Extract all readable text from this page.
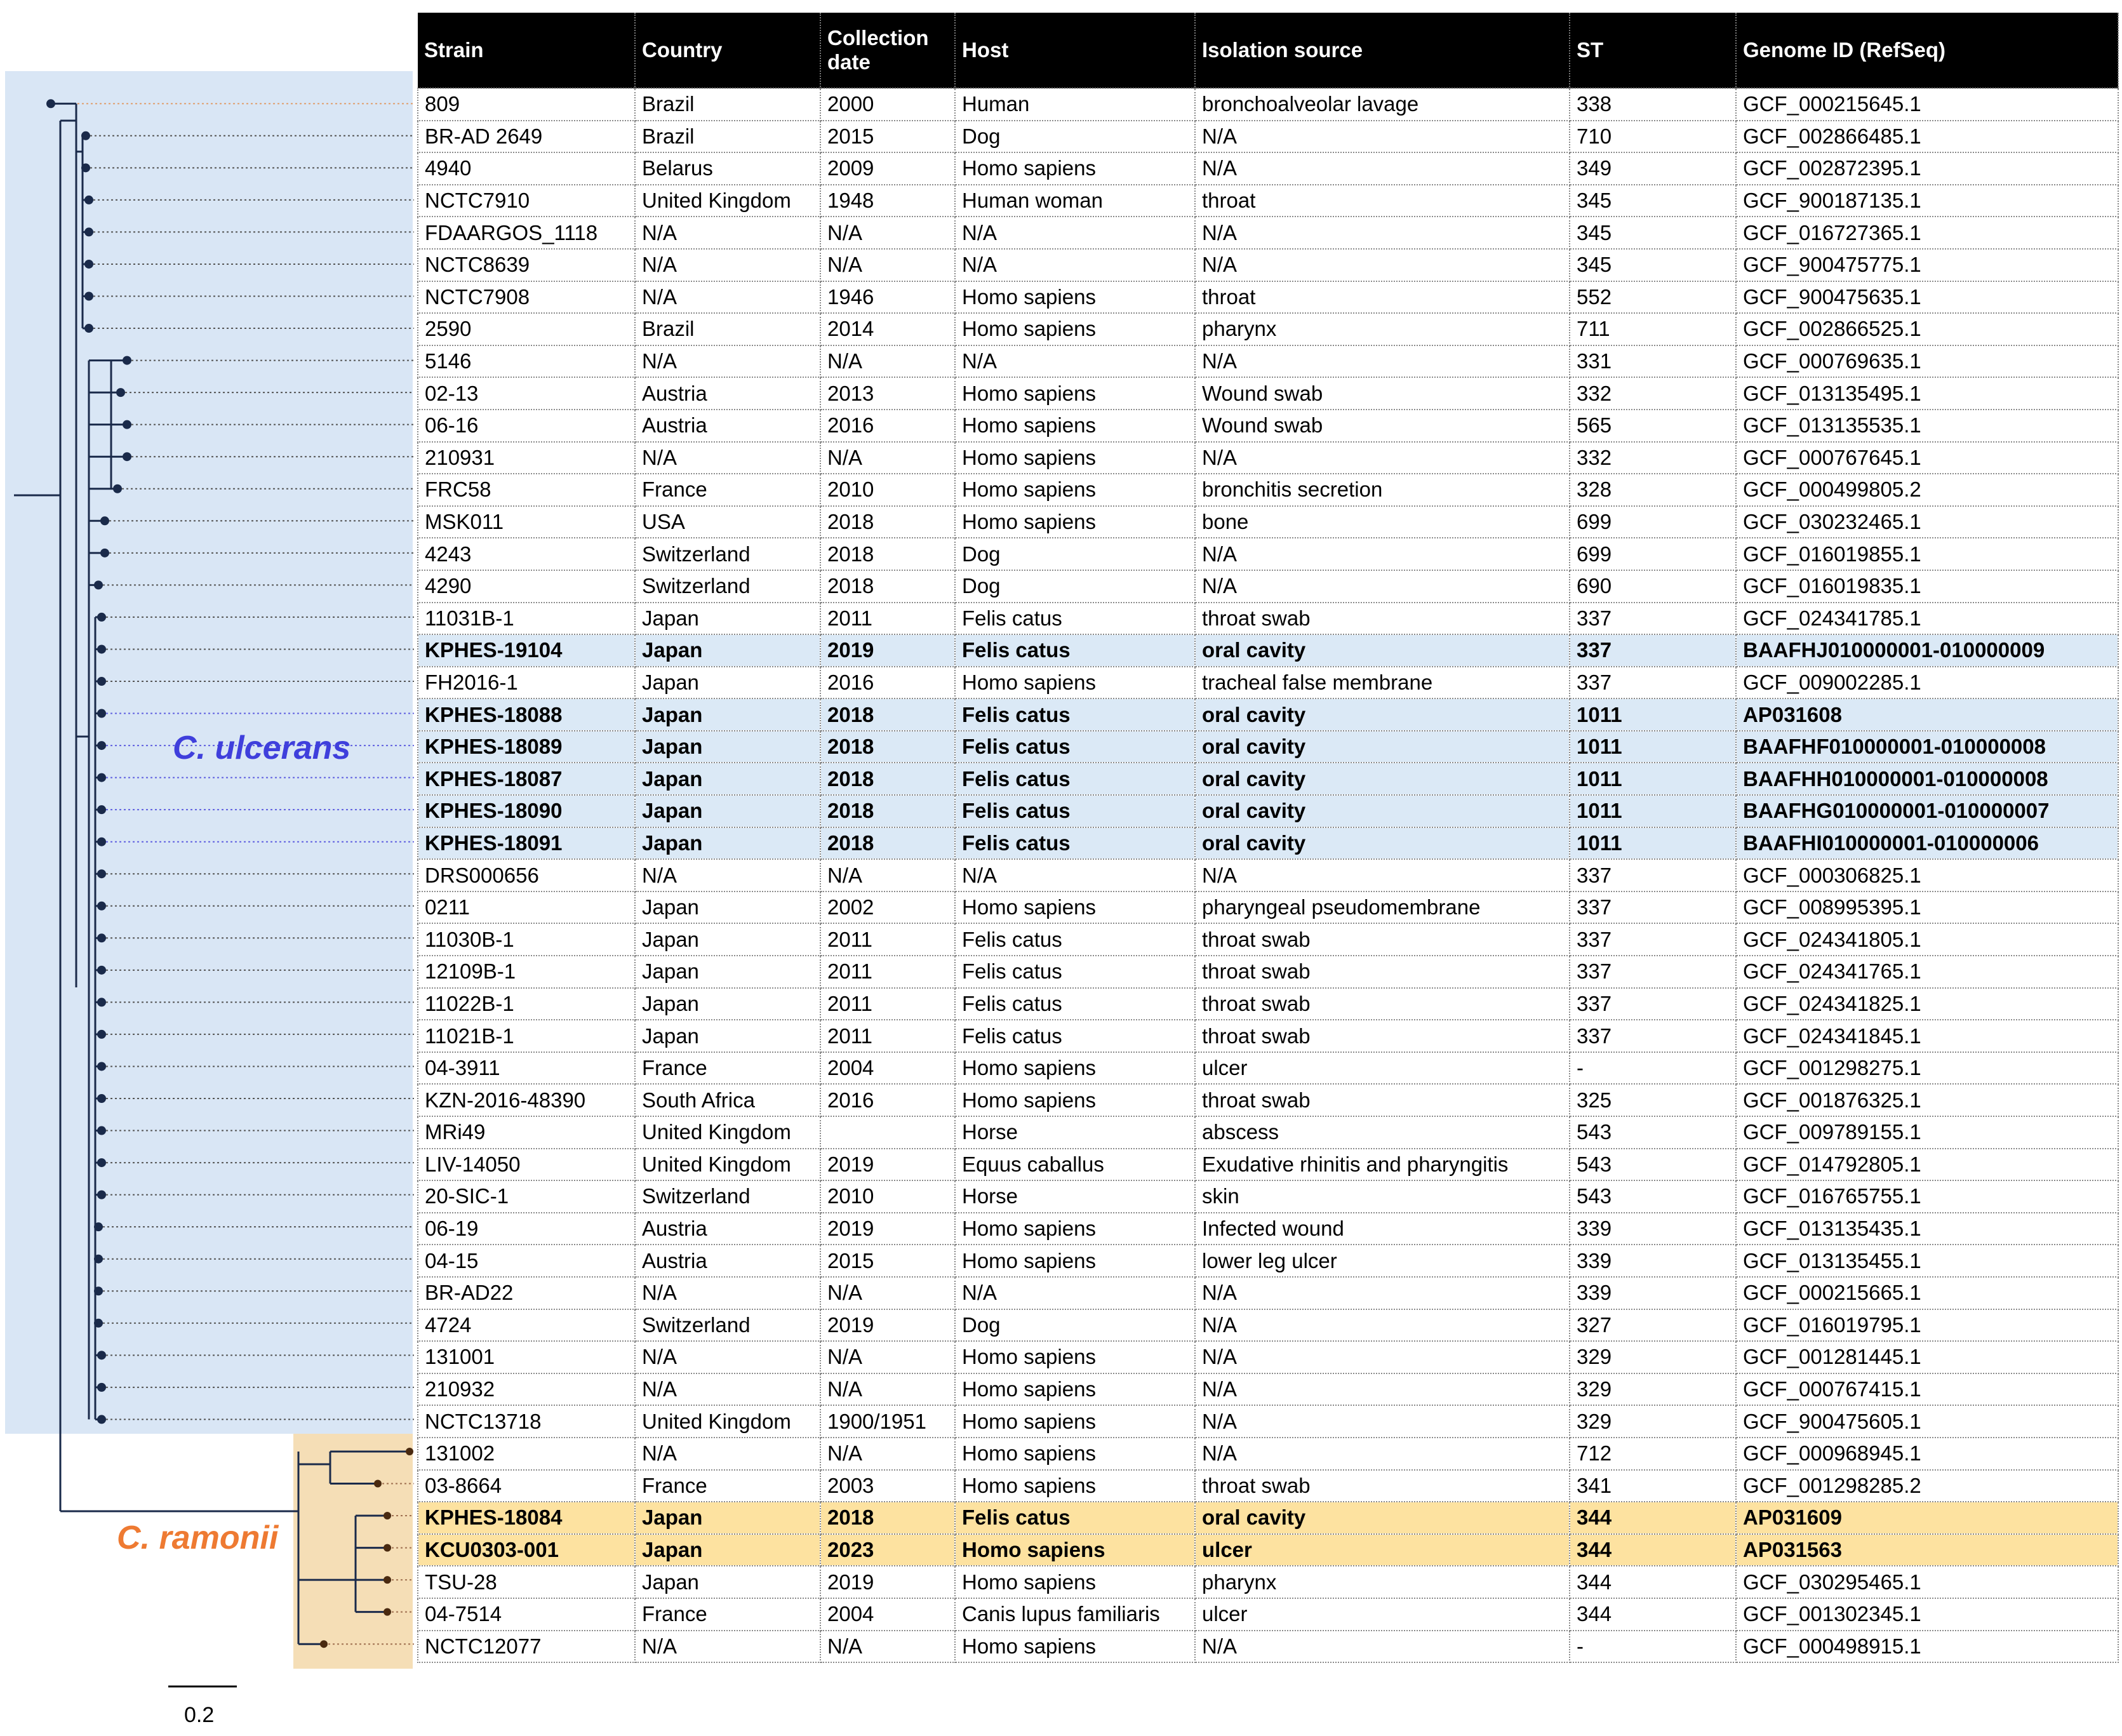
C. ulcerans
C. ramonii
0.2
Strain	Country	Collection date	Host	Isolation source	ST	Genome ID (RefSeq)
809	Brazil	2000	Human	bronchoalveolar lavage	338	GCF_000215645.1
BR-AD 2649	Brazil	2015	Dog	N/A	710	GCF_002866485.1
4940	Belarus	2009	Homo sapiens	N/A	349	GCF_002872395.1
NCTC7910	United Kingdom	1948	Human woman	throat	345	GCF_900187135.1
FDAARGOS_1118	N/A	N/A	N/A	N/A	345	GCF_016727365.1
NCTC8639	N/A	N/A	N/A	N/A	345	GCF_900475775.1
NCTC7908	N/A	1946	Homo sapiens	throat	552	GCF_900475635.1
2590	Brazil	2014	Homo sapiens	pharynx	711	GCF_002866525.1
5146	N/A	N/A	N/A	N/A	331	GCF_000769635.1
02-13	Austria	2013	Homo sapiens	Wound swab	332	GCF_013135495.1
06-16	Austria	2016	Homo sapiens	Wound swab	565	GCF_013135535.1
210931	N/A	N/A	Homo sapiens	N/A	332	GCF_000767645.1
FRC58	France	2010	Homo sapiens	bronchitis secretion	328	GCF_000499805.2
MSK011	USA	2018	Homo sapiens	bone	699	GCF_030232465.1
4243	Switzerland	2018	Dog	N/A	699	GCF_016019855.1
4290	Switzerland	2018	Dog	N/A	690	GCF_016019835.1
11031B-1	Japan	2011	Felis catus	throat swab	337	GCF_024341785.1
KPHES-19104	Japan	2019	Felis catus	oral cavity	337	BAAFHJ010000001-010000009
FH2016-1	Japan	2016	Homo sapiens	tracheal false membrane	337	GCF_009002285.1
KPHES-18088	Japan	2018	Felis catus	oral cavity	1011	AP031608
KPHES-18089	Japan	2018	Felis catus	oral cavity	1011	BAAFHF010000001-010000008
KPHES-18087	Japan	2018	Felis catus	oral cavity	1011	BAAFHH010000001-010000008
KPHES-18090	Japan	2018	Felis catus	oral cavity	1011	BAAFHG010000001-010000007
KPHES-18091	Japan	2018	Felis catus	oral cavity	1011	BAAFHI010000001-010000006
DRS000656	N/A	N/A	N/A	N/A	337	GCF_000306825.1
0211	Japan	2002	Homo sapiens	pharyngeal pseudomembrane	337	GCF_008995395.1
11030B-1	Japan	2011	Felis catus	throat swab	337	GCF_024341805.1
12109B-1	Japan	2011	Felis catus	throat swab	337	GCF_024341765.1
11022B-1	Japan	2011	Felis catus	throat swab	337	GCF_024341825.1
11021B-1	Japan	2011	Felis catus	throat swab	337	GCF_024341845.1
04-3911	France	2004	Homo sapiens	ulcer	-	GCF_001298275.1
KZN-2016-48390	South Africa	2016	Homo sapiens	throat swab	325	GCF_001876325.1
MRi49	United Kingdom		Horse	abscess	543	GCF_009789155.1
LIV-14050	United Kingdom	2019	Equus caballus	Exudative rhinitis and pharyngitis	543	GCF_014792805.1
20-SIC-1	Switzerland	2010	Horse	skin	543	GCF_016765755.1
06-19	Austria	2019	Homo sapiens	Infected wound	339	GCF_013135435.1
04-15	Austria	2015	Homo sapiens	lower leg ulcer	339	GCF_013135455.1
BR-AD22	N/A	N/A	N/A	N/A	339	GCF_000215665.1
4724	Switzerland	2019	Dog	N/A	327	GCF_016019795.1
131001	N/A	N/A	Homo sapiens	N/A	329	GCF_001281445.1
210932	N/A	N/A	Homo sapiens	N/A	329	GCF_000767415.1
NCTC13718	United Kingdom	1900/1951	Homo sapiens	N/A	329	GCF_900475605.1
131002	N/A	N/A	Homo sapiens	N/A	712	GCF_000968945.1
03-8664	France	2003	Homo sapiens	throat swab	341	GCF_001298285.2
KPHES-18084	Japan	2018	Felis catus	oral cavity	344	AP031609
KCU0303-001	Japan	2023	Homo sapiens	ulcer	344	AP031563
TSU-28	Japan	2019	Homo sapiens	pharynx	344	GCF_030295465.1
04-7514	France	2004	Canis lupus familiaris	ulcer	344	GCF_001302345.1
NCTC12077	N/A	N/A	Homo sapiens	N/A	-	GCF_000498915.1
